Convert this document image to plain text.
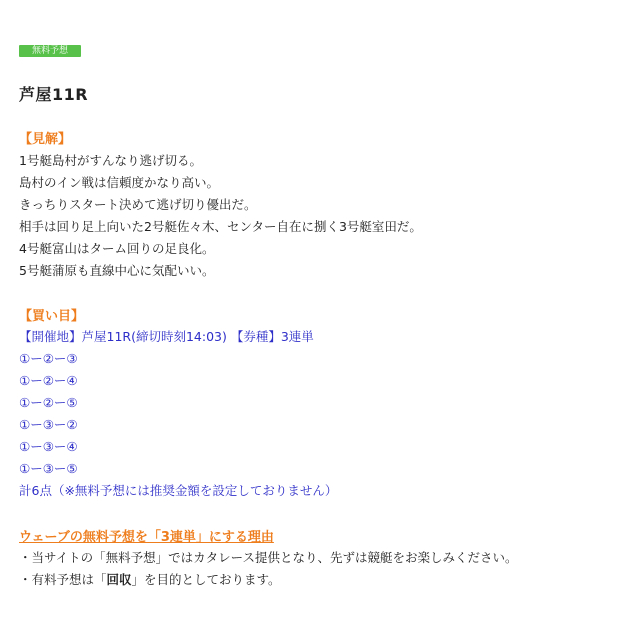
無料予想
芦屋11R
【見解】
1号艇島村がすんなり逃げ切る。
島村のイン戦は信頼度かなり高い。
きっちりスタート決めて逃げ切り優出だ。
相手は回り足上向いた2号艇佐々木、センター自在に捌く3号艇室田だ。
4号艇富山はターム回りの足良化。
5号艇蒲原も直線中心に気配いい。
【買い目】
【開催地】芦屋11R(締切時刻14:03) 【券種】3連単
①ー②ー③
①ー②ー④
①ー②ー⑤
①ー③ー②
①ー③ー④
①ー③ー⑤
計6点（※無料予想には推奨金額を設定しておりません）
ウェーブの無料予想を「3連単」にする理由
・当サイトの「無料予想」ではカタレース提供となり、先ずは競艇をお楽しみください。
・有料予想は「回収」を目的としております。
